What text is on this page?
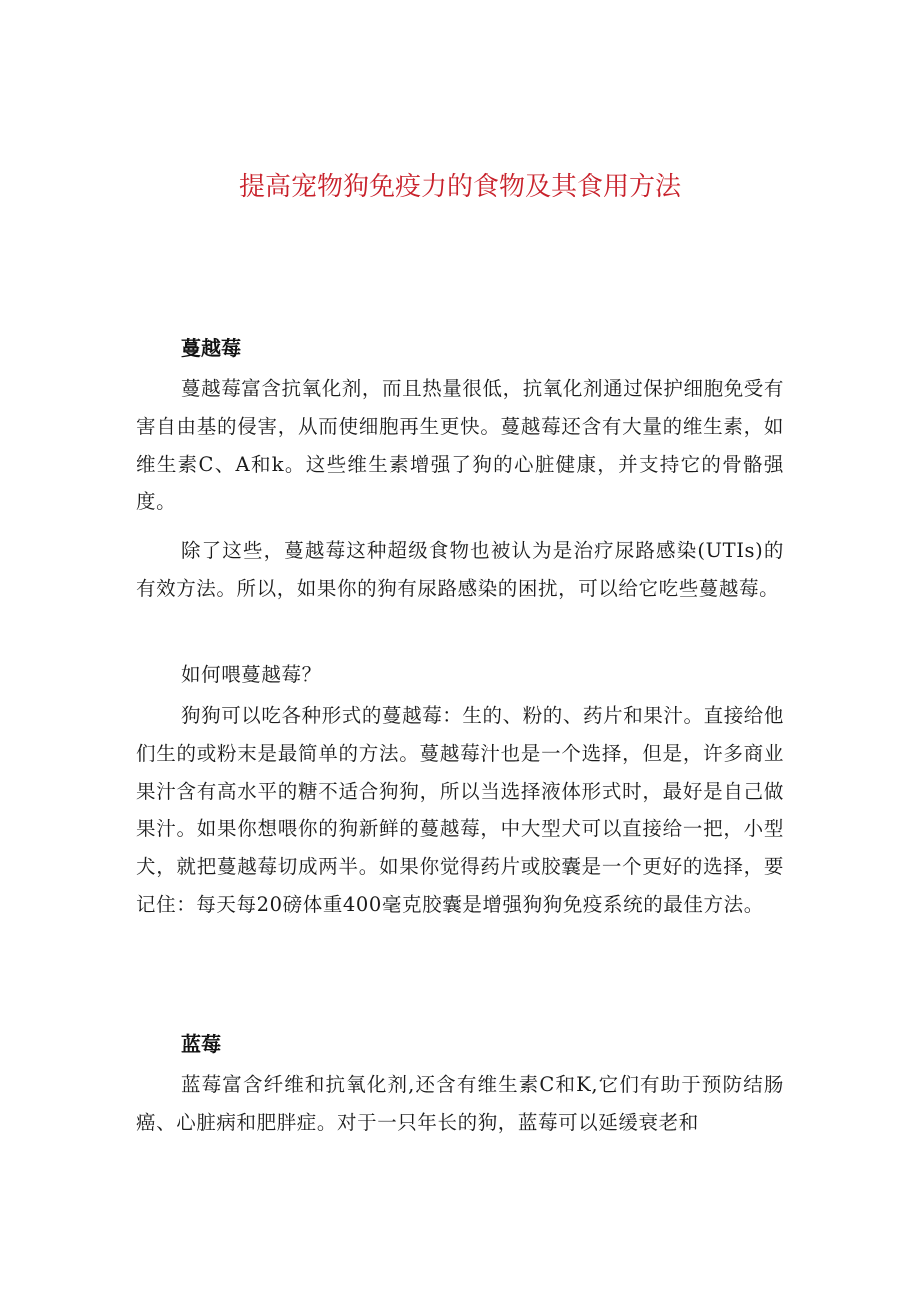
提高宠物狗免疫力的食物及其食用方法
蔓越莓

蔓越莓富含抗氧化剂，而且热量很低，抗氧化剂通过保护细胞免受有害自由基的侵害，从而使细胞再生更快。蔓越莓还含有大量的维生素，如维生素C、A和k。这些维生素增强了狗的心脏健康，并支持它的骨骼强度。

除了这些，蔓越莓这种超级食物也被认为是治疗尿路感染(UTIs)的有效方法。所以，如果你的狗有尿路感染的困扰，可以给它吃些蔓越莓。

如何喂蔓越莓？

狗狗可以吃各种形式的蔓越莓：生的、粉的、药片和果汁。直接给他们生的或粉末是最简单的方法。蔓越莓汁也是一个选择，但是，许多商业果汁含有高水平的糖不适合狗狗，所以当选择液体形式时，最好是自己做果汁。如果你想喂你的狗新鲜的蔓越莓，中大型犬可以直接给一把，小型犬，就把蔓越莓切成两半。如果你觉得药片或胶囊是一个更好的选择，要记住：每天每20磅体重400毫克胶囊是增强狗狗免疫系统的最佳方法。

蓝莓

蓝莓富含纤维和抗氧化剂,还含有维生素C和K,它们有助于预防结肠癌、心脏病和肥胖症。对于一只年长的狗，蓝莓可以延缓衰老和
